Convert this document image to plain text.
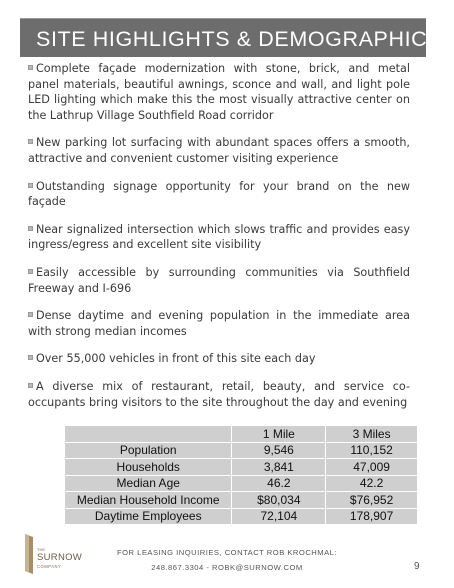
SITE HIGHLIGHTS & DEMOGRAPHICS
Complete façade modernization with stone, brick, and metal panel materials, beautiful awnings, sconce and wall, and light pole LED lighting which make this the most visually attractive center on the Lathrup Village Southfield Road corridor
New parking lot surfacing with abundant spaces offers a smooth, attractive and convenient customer visiting experience
Outstanding signage opportunity for your brand on the new façade
Near signalized intersection which slows traffic and provides easy ingress/egress and excellent site visibility
Easily accessible by surrounding communities via Southfield Freeway and I-696
Dense daytime and evening population in the immediate area with strong median incomes
Over 55,000 vehicles in front of this site each day
A diverse mix of restaurant, retail, beauty, and service co-occupants bring visitors to the site throughout the day and evening
	1 Mile	3 Miles
Population	9,546	110,152
Households	3,841	47,009
Median Age	46.2	42.2
Median Household Income	$80,034	$76,952
Daytime Employees	72,104	178,907
THE
SURNOW
COMPANY
FOR LEASING INQUIRIES, CONTACT ROB KROCHMAL:
248.867.3304 - ROBK@SURNOW.COM	9
